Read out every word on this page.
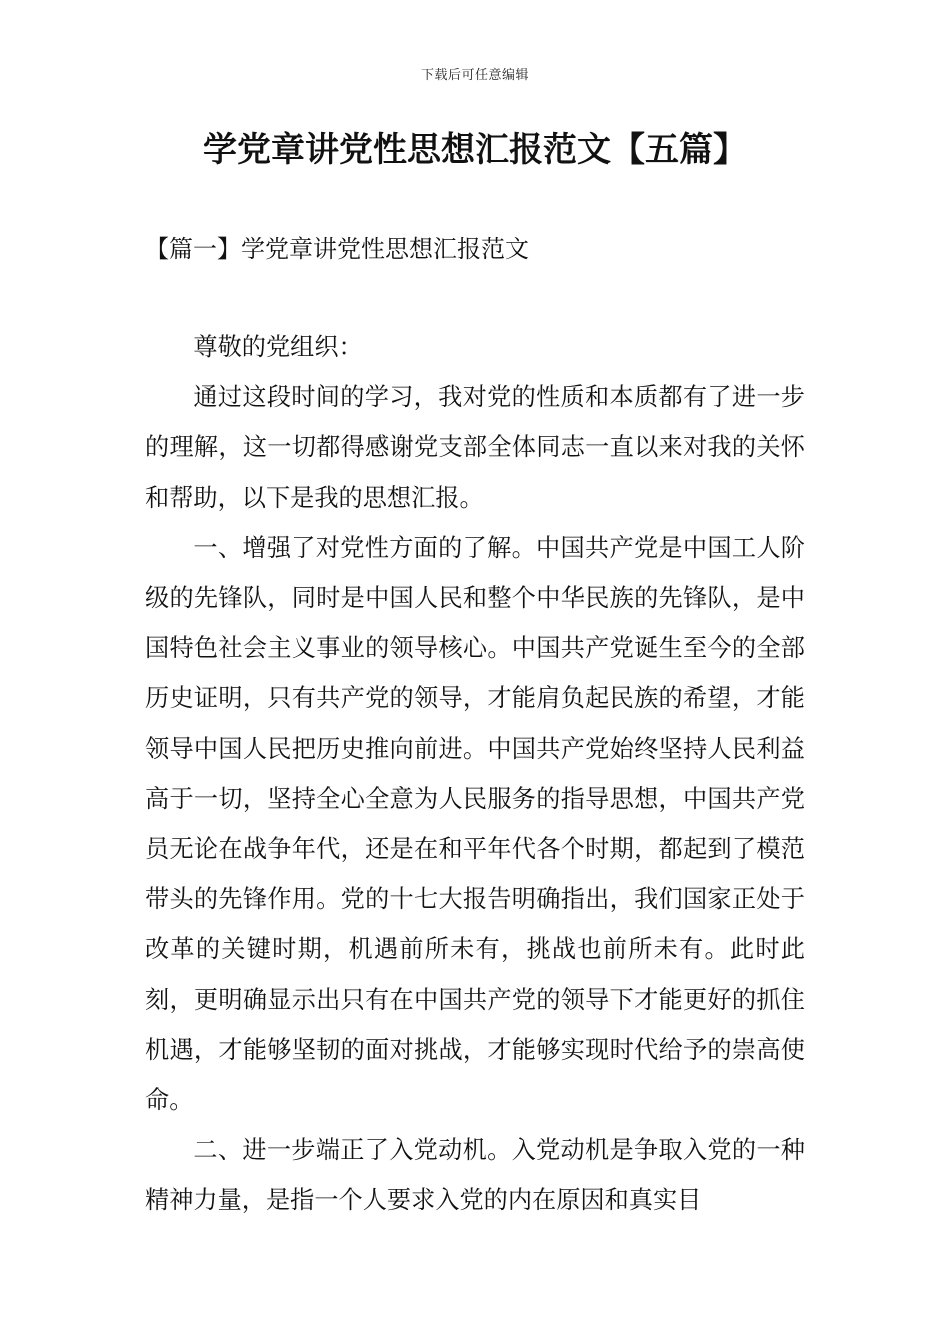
下载后可任意编辑
学党章讲党性思想汇报范文【五篇】
【篇一】学党章讲党性思想汇报范文

尊敬的党组织：

通过这段时间的学习，我对党的性质和本质都有了进一步的理解，这一切都得感谢党支部全体同志一直以来对我的关怀和帮助，以下是我的思想汇报。

一、增强了对党性方面的了解。中国共产党是中国工人阶级的先锋队，同时是中国人民和整个中华民族的先锋队，是中国特色社会主义事业的领导核心。中国共产党诞生至今的全部历史证明，只有共产党的领导，才能肩负起民族的希望，才能领导中国人民把历史推向前进。中国共产党始终坚持人民利益高于一切，坚持全心全意为人民服务的指导思想，中国共产党员无论在战争年代，还是在和平年代各个时期，都起到了模范带头的先锋作用。党的十七大报告明确指出，我们国家正处于改革的关键时期，机遇前所未有，挑战也前所未有。此时此刻，更明确显示出只有在中国共产党的领导下才能更好的抓住机遇，才能够坚韧的面对挑战，才能够实现时代给予的崇高使命。

二、进一步端正了入党动机。入党动机是争取入党的一种精神力量，是指一个人要求入党的内在原因和真实目
